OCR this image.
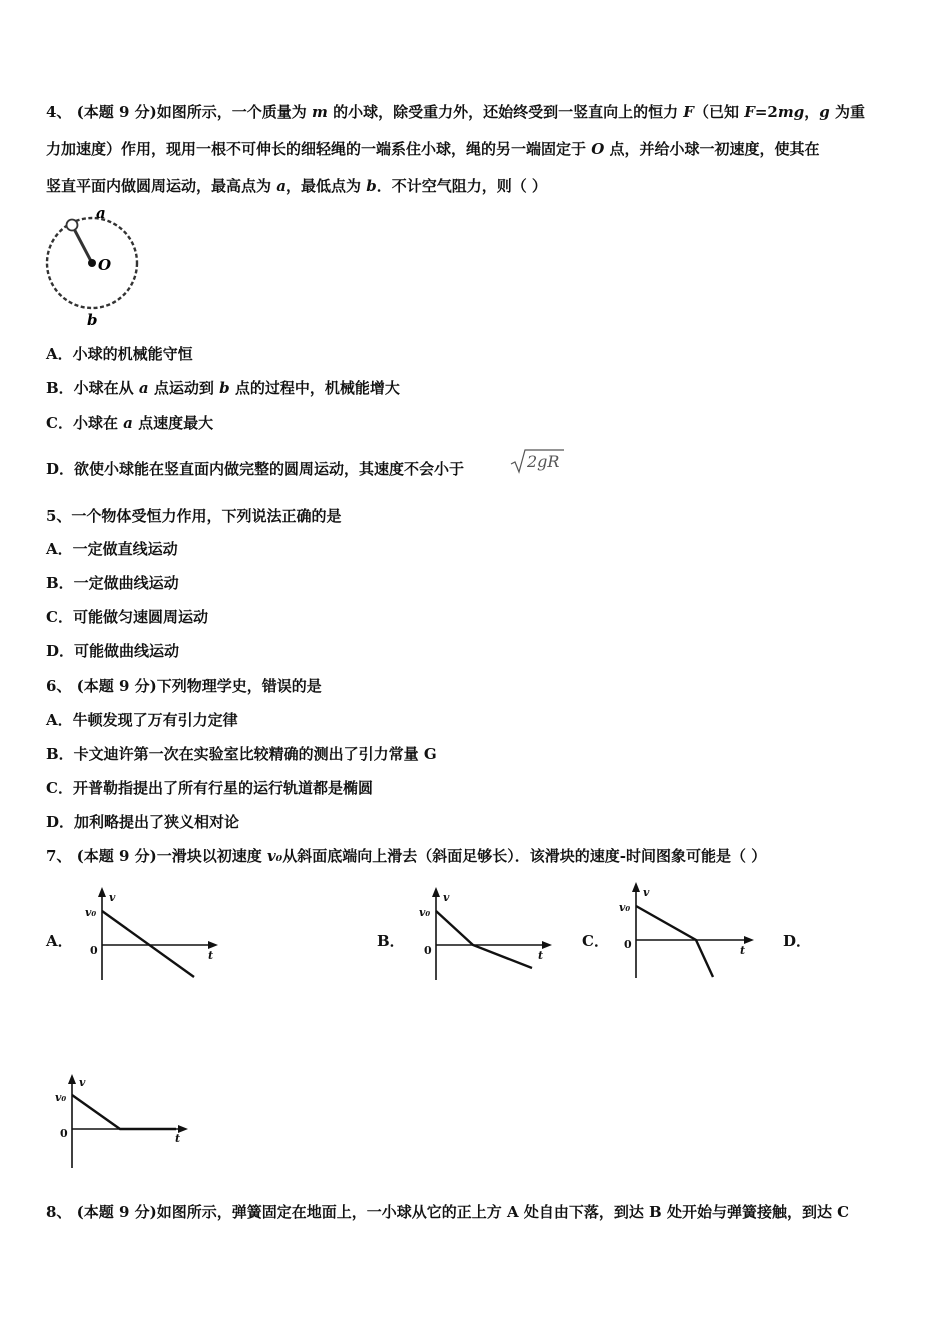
4、 (本题 9 分)如图所示，一个质量为 m 的小球，除受重力外，还始终受到一竖直向上的恒力 F（已知 F=2mg，g 为重
力加速度）作用，现用一根不可伸长的细轻绳的一端系住小球，绳的另一端固定于 O 点，并给小球一初速度，使其在
竖直平面内做圆周运动，最高点为 a，最低点为 b．不计空气阻力，则（ ）
a
O
b
A．小球的机械能守恒
B．小球在从 a 点运动到 b 点的过程中，机械能增大
C．小球在 a 点速度最大
D．欲使小球能在竖直面内做完整的圆周运动，其速度不会小于	2gR
5、一个物体受恒力作用，下列说法正确的是
A．一定做直线运动
B．一定做曲线运动
C．可能做匀速圆周运动
D．可能做曲线运动
6、 (本题 9 分)下列物理学史，错误的是
A．牛顿发现了万有引力定律
B．卡文迪许第一次在实验室比较精确的测出了引力常量 G
C．开普勒指提出了所有行星的运行轨道都是椭圆
D．加利略提出了狭义相对论
7、 (本题 9 分)一滑块以初速度 v₀从斜面底端向上滑去（斜面足够长）．该滑块的速度-时间图象可能是（ ）
A．	B．	C．	D．
v
t
v₀
0
v
t
v₀
0
v
t
v₀
0
v
t
v₀
0
8、 (本题 9 分)如图所示，弹簧固定在地面上，一小球从它的正上方 A 处自由下落，到达 B 处开始与弹簧接触，到达 C
